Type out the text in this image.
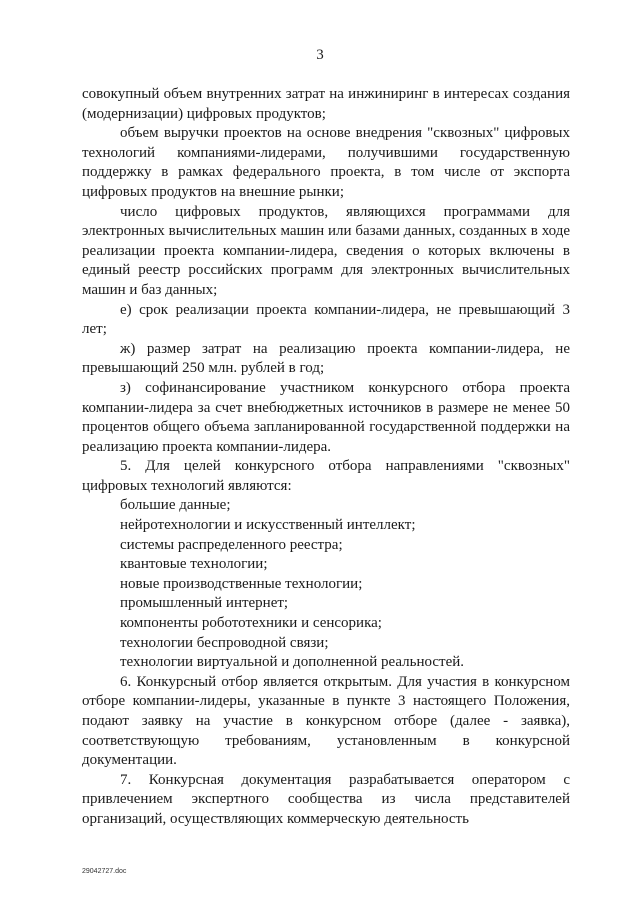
3

совокупный объем внутренних затрат на инжиниринг в интересах создания (модернизации) цифровых продуктов;

объем выручки проектов на основе внедрения "сквозных" цифровых технологий компаниями-лидерами, получившими государственную поддержку в рамках федерального проекта, в том числе от экспорта цифровых продуктов на внешние рынки;

число цифровых продуктов, являющихся программами для электронных вычислительных машин или базами данных, созданных в ходе реализации проекта компании-лидера, сведения о которых включены в единый реестр российских программ для электронных вычислительных машин и баз данных;

е) срок реализации проекта компании-лидера, не превышающий 3 лет;

ж) размер затрат на реализацию проекта компании-лидера, не превышающий 250 млн. рублей в год;

з) софинансирование участником конкурсного отбора проекта компании-лидера за счет внебюджетных источников в размере не менее 50 процентов общего объема запланированной государственной поддержки на реализацию проекта компании-лидера.

5. Для целей конкурсного отбора направлениями "сквозных" цифровых технологий являются:

большие данные;

нейротехнологии и искусственный интеллект;

системы распределенного реестра;

квантовые технологии;

новые производственные технологии;

промышленный интернет;

компоненты робототехники и сенсорика;

технологии беспроводной связи;

технологии виртуальной и дополненной реальностей.

6. Конкурсный отбор является открытым. Для участия в конкурсном отборе компании-лидеры, указанные в пункте 3 настоящего Положения, подают заявку на участие в конкурсном отборе (далее - заявка), соответствующую требованиям, установленным в конкурсной документации.

7. Конкурсная документация разрабатывается оператором с привлечением экспертного сообщества из числа представителей организаций, осуществляющих коммерческую деятельность

29042727.doc
